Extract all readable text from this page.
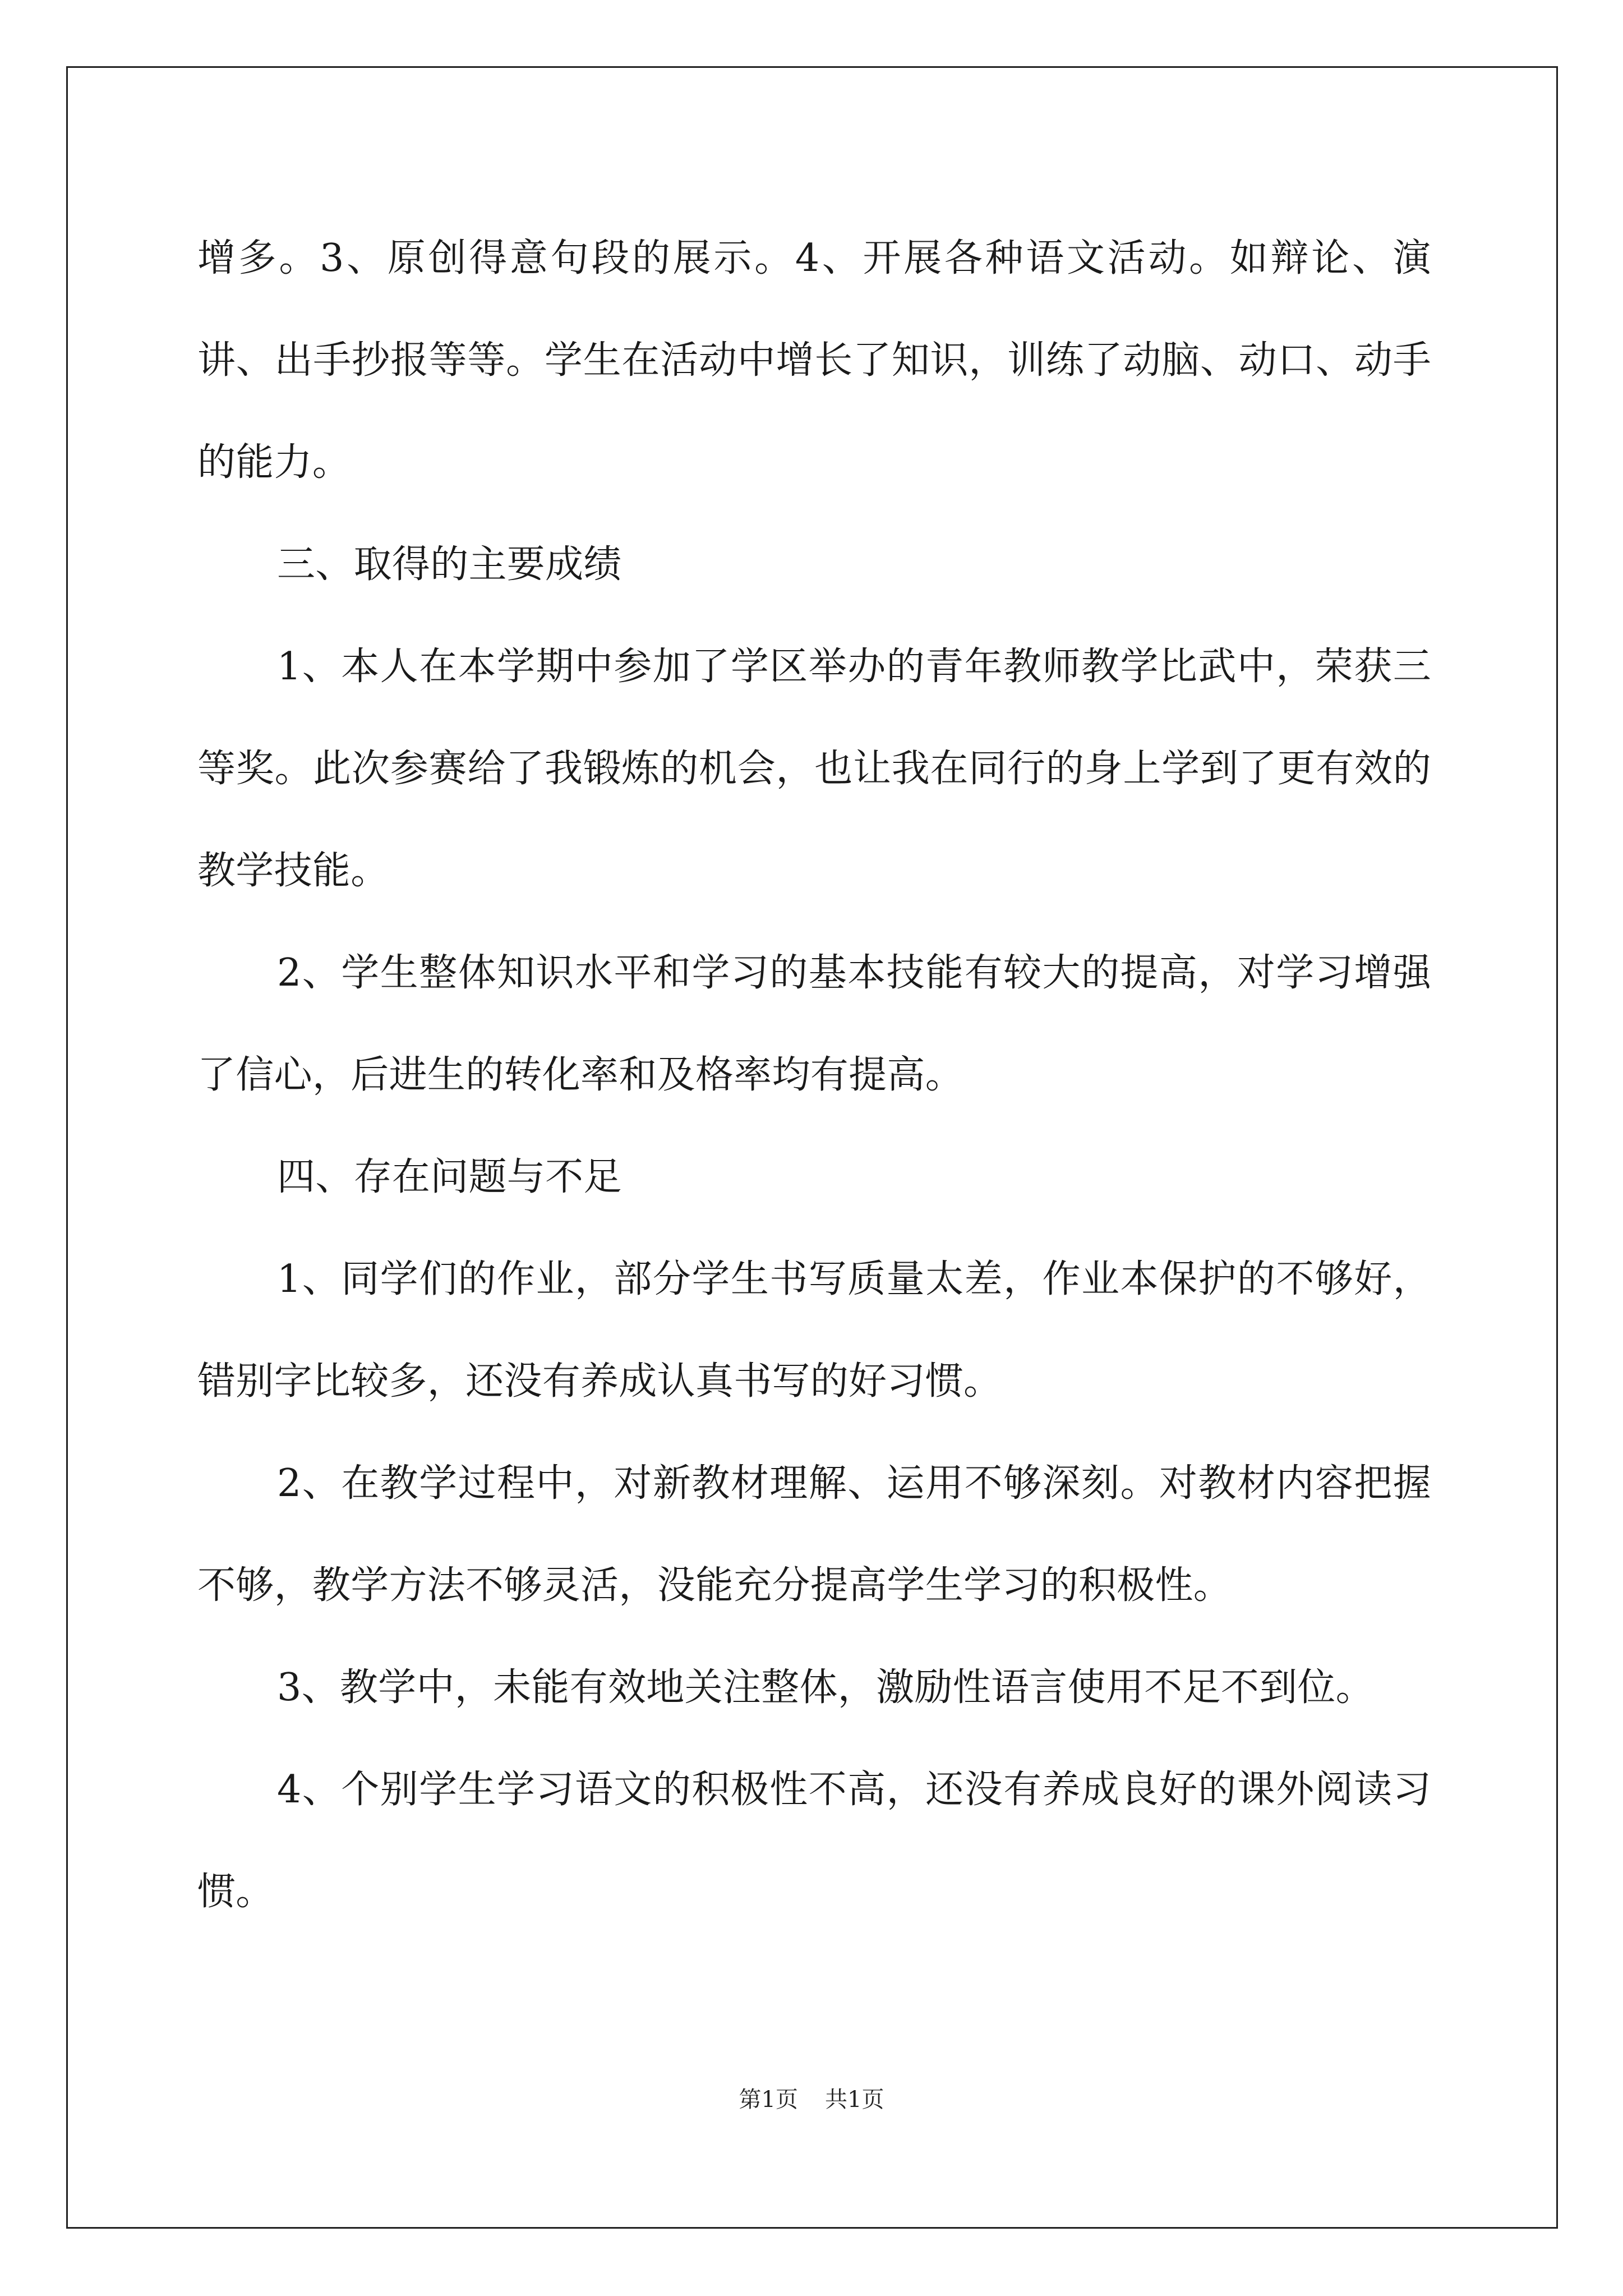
增多。3、原创得意句段的展示。4、开展各种语文活动。如辩论、演讲、出手抄报等等。学生在活动中增长了知识，训练了动脑、动口、动手的能力。

三、取得的主要成绩

1、本人在本学期中参加了学区举办的青年教师教学比武中，荣获三等奖。此次参赛给了我锻炼的机会，也让我在同行的身上学到了更有效的教学技能。

2、学生整体知识水平和学习的基本技能有较大的提高，对学习增强了信心，后进生的转化率和及格率均有提高。

四、存在问题与不足

1、同学们的作业，部分学生书写质量太差，作业本保护的不够好，错别字比较多，还没有养成认真书写的好习惯。

2、在教学过程中，对新教材理解、运用不够深刻。对教材内容把握不够，教学方法不够灵活，没能充分提高学生学习的积极性。

3、教学中，未能有效地关注整体，激励性语言使用不足不到位。

4、个别学生学习语文的积极性不高，还没有养成良好的课外阅读习惯。

第1页 共1页
